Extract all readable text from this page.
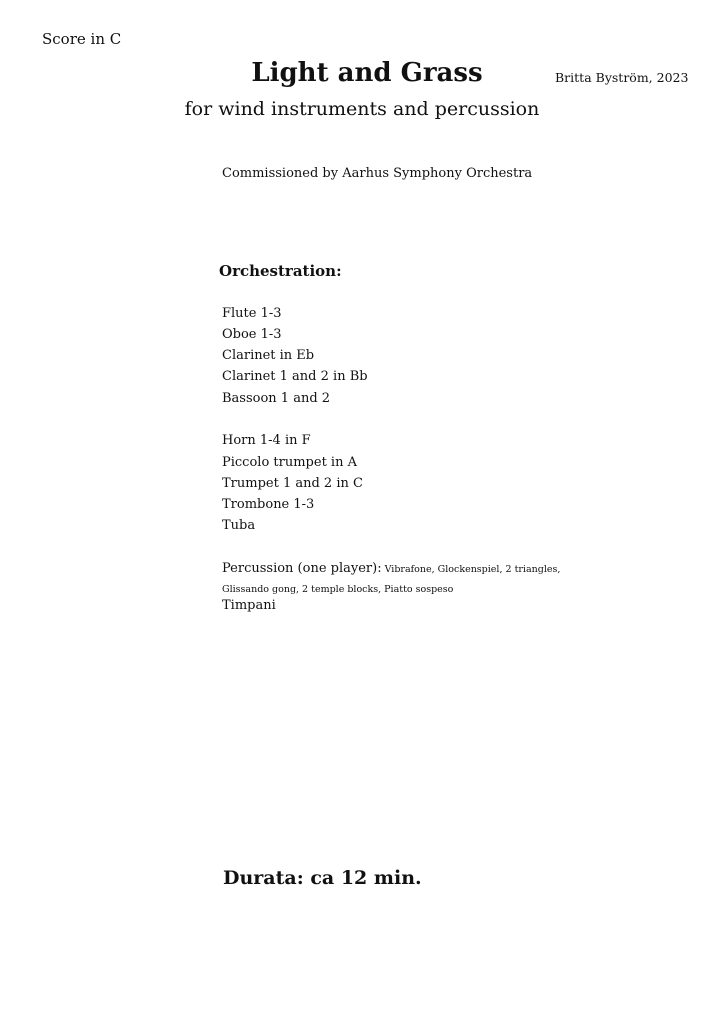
Score in C
Light and Grass	Britta Byström, 2023
for wind instruments and percussion
Commissioned by Aarhus Symphony Orchestra
Orchestration:
Flute 1-3
Oboe 1-3
Clarinet in Eb
Clarinet 1 and 2 in Bb
Bassoon 1 and 2
Horn 1-4 in F
Piccolo trumpet in A
Trumpet 1 and 2 in C
Trombone 1-3
Tuba
Percussion (one player): Vibrafone, Glockenspiel, 2 triangles,
Glissando gong, 2 temple blocks, Piatto sospeso
Timpani
Durata: ca 12 min.
